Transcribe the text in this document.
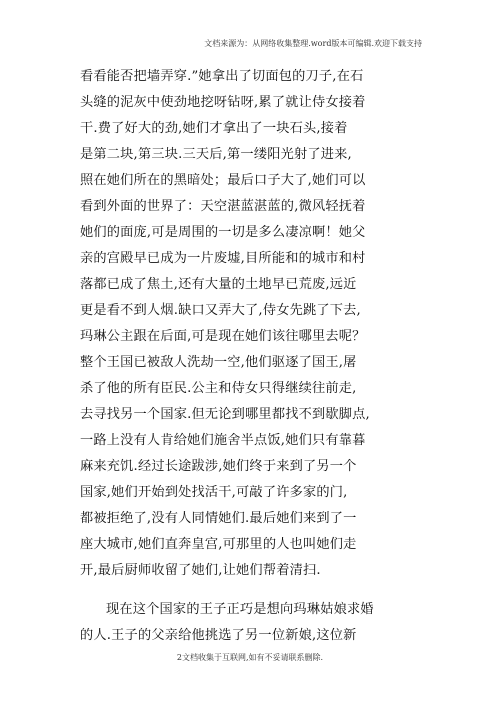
文档来源为：从网络收集整理.word版本可编辑.欢迎下载支持
看看能否把墙弄穿.”她拿出了切面包的刀子,在石
头缝的泥灰中使劲地挖呀钻呀,累了就让侍女接着
干.费了好大的劲,她们才拿出了一块石头,接着
是第二块,第三块.三天后,第一缕阳光射了进来,
照在她们所在的黑暗处；最后口子大了,她们可以
看到外面的世界了：天空湛蓝湛蓝的,微风轻抚着
她们的面庞,可是周围的一切是多么凄凉啊！她父
亲的宫殿早已成为一片废墟,目所能和的城市和村
落都已成了焦土,还有大量的土地早已荒废,远近
更是看不到人烟.缺口又弄大了,侍女先跳了下去,
玛琳公主跟在后面,可是现在她们该往哪里去呢？
整个王国已被敌人洗劫一空,他们驱逐了国王,屠
杀了他的所有臣民.公主和侍女只得继续往前走,
去寻找另一个国家.但无论到哪里都找不到歇脚点,
一路上没有人肯给她们施舍半点饭,她们只有靠暮
麻来充饥.经过长途跋涉,她们终于来到了另一个
国家,她们开始到处找活干,可敲了许多家的门,
都被拒绝了,没有人同情她们.最后她们来到了一
座大城市,她们直奔皇宫,可那里的人也叫她们走
开,最后厨师收留了她们,让她们帮着清扫.
现在这个国家的王子正巧是想向玛琳姑娘求婚
的人.王子的父亲给他挑选了另一位新娘,这位新
2文档收集于互联网,如有不妥请联系删除.
